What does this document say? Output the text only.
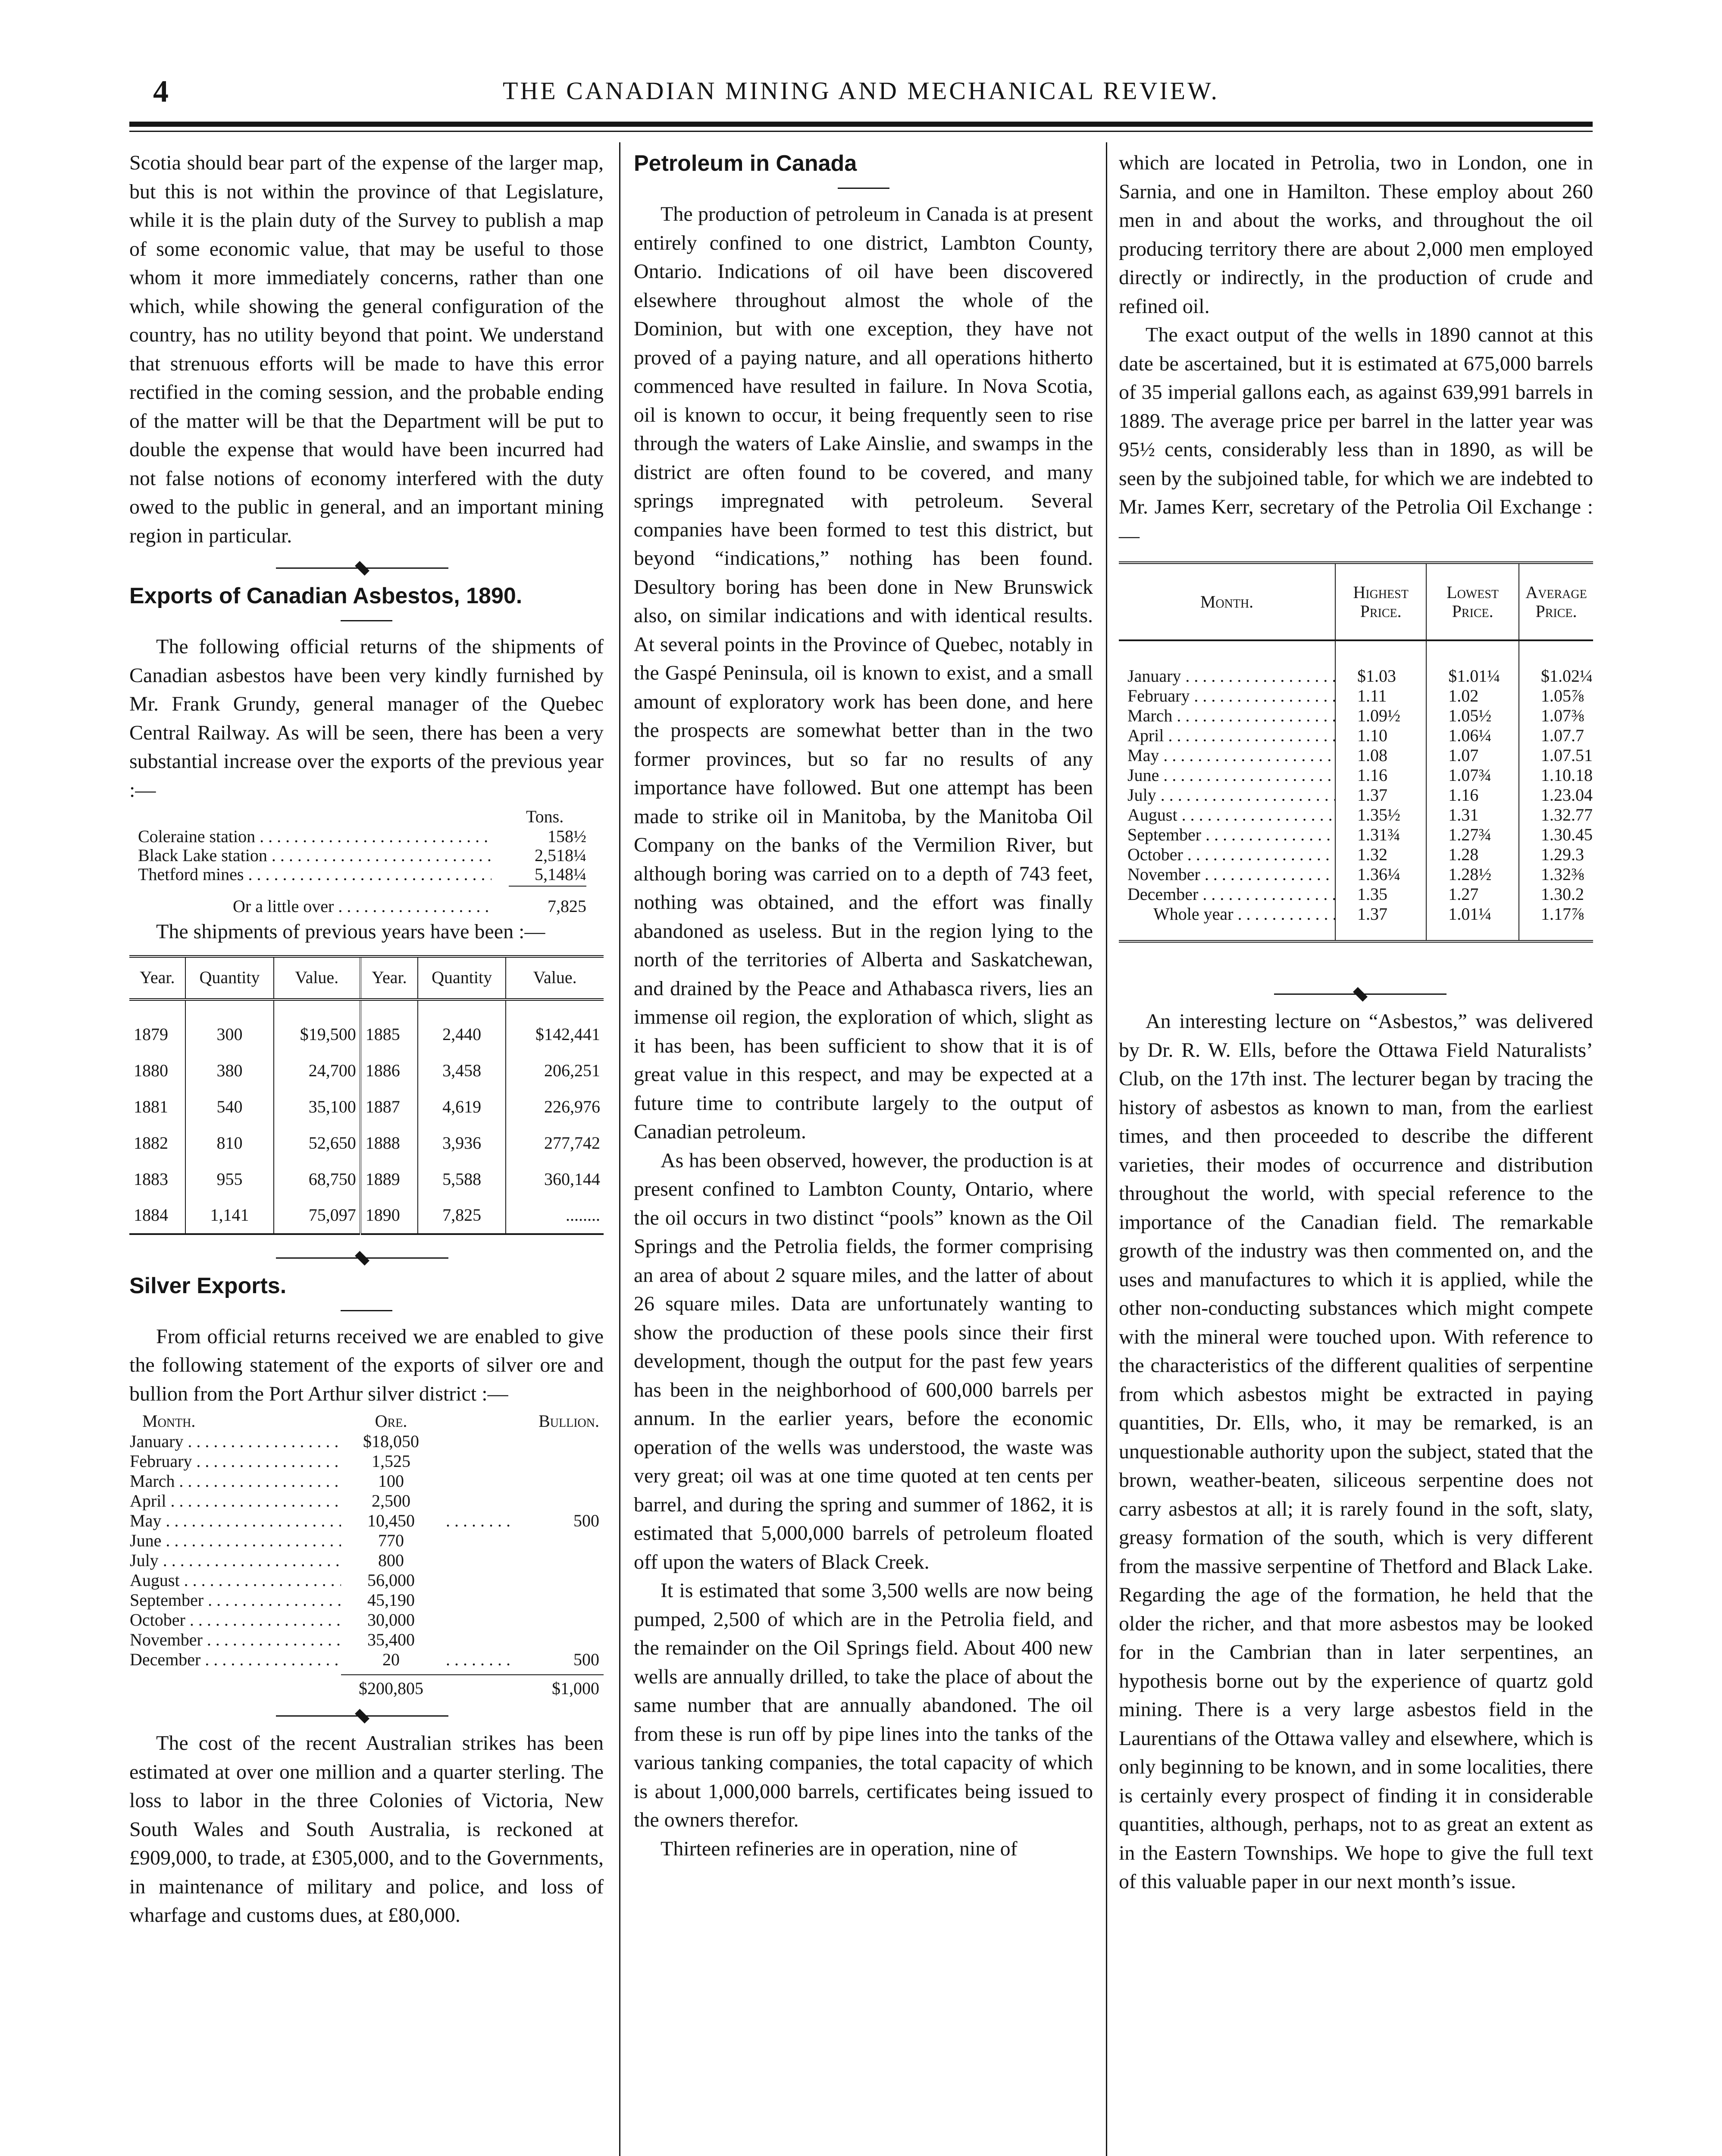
4	THE CANADIAN MINING AND MECHANICAL REVIEW.

Scotia should bear part of the expense of the larger map, but this is not within the province of that Legislature, while it is the plain duty of the Survey to publish a map of some economic value, that may be useful to those whom it more immediately concerns, rather than one which, while showing the general configuration of the country, has no utility beyond that point. We understand that strenuous efforts will be made to have this error rectified in the coming session, and the probable ending of the matter will be that the Department will be put to double the expense that would have been incurred had not false notions of economy interfered with the duty owed to the public in general, and an important mining region in particular.

Exports of Canadian Asbestos, 1890.

The following official returns of the shipments of Canadian asbestos have been very kindly furnished by Mr. Frank Grundy, general manager of the Quebec Central Railway. As will be seen, there has been a very substantial increase over the exports of the previous year :—

Tons.
Coleraine station . . .	158½
Black Lake station . . .	2,518¼
Thetford mines . . .	5,148¼
Or a little over . . .	7,825

The shipments of previous years have been :—

Year.	Quantity	Value.	Year.	Quantity	Value.

1879	300	$19,500	1885	2,440	$142,441
1880	380	24,700	1886	3,458	206,251
1881	540	35,100	1887	4,619	226,976
1882	810	52,650	1888	3,936	277,742
1883	955	68,750	1889	5,588	360,144
1884	1,141	75,097	1890	7,825	........

Silver Exports.

From official returns received we are enabled to give the following statement of the exports of silver ore and bullion from the Port Arthur silver district :—

Month.	Ore.	Bullion.
January . . .	$18,050	
February . . .	1,525	
March . . .	100	
April . . .	2,500	
May . . .	10,450	. . . . . . . . 500
June . . .	770	
July . . .	800	
August . . .	56,000	
September . . .	45,190	
October . . .	30,000	
November . . .	35,400	
December . . .	20	. . . . . . . . 500

	$200,805	$1,000

The cost of the recent Australian strikes has been estimated at over one million and a quarter sterling. The loss to labor in the three Colonies of Victoria, New South Wales and South Australia, is reckoned at £909,000, to trade, at £305,000, and to the Governments, in maintenance of military and police, and loss of wharfage and customs dues, at £80,000.

Petroleum in Canada

The production of petroleum in Canada is at present entirely confined to one district, Lambton County, Ontario. Indications of oil have been discovered elsewhere throughout almost the whole of the Dominion, but with one exception, they have not proved of a paying nature, and all operations hitherto commenced have resulted in failure. In Nova Scotia, oil is known to occur, it being frequently seen to rise through the waters of Lake Ainslie, and swamps in the district are often found to be covered, and many springs impregnated with petroleum. Several companies have been formed to test this district, but beyond “indications,” nothing has been found. Desultory boring has been done in New Brunswick also, on similar indications and with identical results. At several points in the Province of Quebec, notably in the Gaspé Peninsula, oil is known to exist, and a small amount of exploratory work has been done, and here the prospects are somewhat better than in the two former provinces, but so far no results of any importance have followed. But one attempt has been made to strike oil in Manitoba, by the Manitoba Oil Company on the banks of the Vermilion River, but although boring was carried on to a depth of 743 feet, nothing was obtained, and the effort was finally abandoned as useless. But in the region lying to the north of the territories of Alberta and Saskatchewan, and drained by the Peace and Athabasca rivers, lies an immense oil region, the exploration of which, slight as it has been, has been sufficient to show that it is of great value in this respect, and may be expected at a future time to contribute largely to the output of Canadian petroleum.

As has been observed, however, the production is at present confined to Lambton County, Ontario, where the oil occurs in two distinct “pools” known as the Oil Springs and the Petrolia fields, the former comprising an area of about 2 square miles, and the latter of about 26 square miles. Data are unfortunately wanting to show the production of these pools since their first development, though the output for the past few years has been in the neighborhood of 600,000 barrels per annum. In the earlier years, before the economic operation of the wells was understood, the waste was very great; oil was at one time quoted at ten cents per barrel, and during the spring and summer of 1862, it is estimated that 5,000,000 barrels of petroleum floated off upon the waters of Black Creek.

It is estimated that some 3,500 wells are now being pumped, 2,500 of which are in the Petrolia field, and the remainder on the Oil Springs field. About 400 new wells are annually drilled, to take the place of about the same number that are annually abandoned. The oil from these is run off by pipe lines into the tanks of the various tanking companies, the total capacity of which is about 1,000,000 barrels, certificates being issued to the owners therefor.

Thirteen refineries are in operation, nine of

which are located in Petrolia, two in London, one in Sarnia, and one in Hamilton. These employ about 260 men in and about the works, and throughout the oil producing territory there are about 2,000 men employed directly or indirectly, in the production of crude and refined oil.

The exact output of the wells in 1890 cannot at this date be ascertained, but it is estimated at 675,000 barrels of 35 imperial gallons each, as against 639,991 barrels in 1889. The average price per barrel in the latter year was 95½ cents, considerably less than in 1890, as will be seen by the subjoined table, for which we are indebted to Mr. James Kerr, secretary of the Petrolia Oil Exchange :—

Month.	Highest Price.	Lowest Price.	Average Price.

January . . .	$1.03	$1.01¼	$1.02¼
February . . .	1.11	1.02	1.05⅞
March . . .	1.09½	1.05½	1.07⅜
April . . .	1.10	1.06¼	1.07.7
May . . .	1.08	1.07	1.07.51
June . . .	1.16	1.07¾	1.10.18
July . . .	1.37	1.16	1.23.04
August . . .	1.35½	1.31	1.32.77
September . . .	1.31¾	1.27¾	1.30.45
October . . .	1.32	1.28	1.29.3
November . . .	1.36¼	1.28½	1.32⅜
December . . .	1.35	1.27	1.30.2
Whole year . . .	1.37	1.01¼	1.17⅞

An interesting lecture on “Asbestos,” was delivered by Dr. R. W. Ells, before the Ottawa Field Naturalists’ Club, on the 17th inst. The lecturer began by tracing the history of asbestos as known to man, from the earliest times, and then proceeded to describe the different varieties, their modes of occurrence and distribution throughout the world, with special reference to the importance of the Canadian field. The remarkable growth of the industry was then commented on, and the uses and manufactures to which it is applied, while the other non-conducting substances which might compete with the mineral were touched upon. With reference to the characteristics of the different qualities of serpentine from which asbestos might be extracted in paying quantities, Dr. Ells, who, it may be remarked, is an unquestionable authority upon the subject, stated that the brown, weather-beaten, siliceous serpentine does not carry asbestos at all; it is rarely found in the soft, slaty, greasy formation of the south, which is very different from the massive serpentine of Thetford and Black Lake. Regarding the age of the formation, he held that the older the richer, and that more asbestos may be looked for in the Cambrian than in later serpentines, an hypothesis borne out by the experience of quartz gold mining. There is a very large asbestos field in the Laurentians of the Ottawa valley and elsewhere, which is only beginning to be known, and in some localities, there is certainly every prospect of finding it in considerable quantities, although, perhaps, not to as great an extent as in the Eastern Townships. We hope to give the full text of this valuable paper in our next month’s issue.
